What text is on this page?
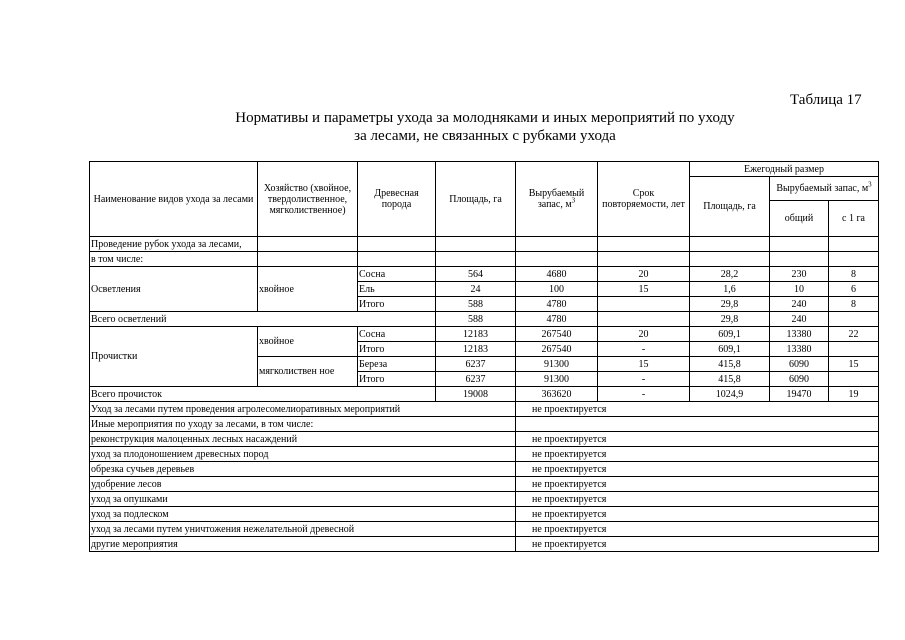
Таблица 17
Нормативы и параметры ухода за молодняками и иных мероприятий по уходу
за лесами, не связанных с рубками ухода
Наименование видов ухода за лесами	Хозяйство (хвойное, твердолиственное, мягколиственное)	Древесная порода	Площадь, га	Вырубаемый запас, $м^3$	Срок повторяемости, лет	Ежегодный размер		
						Площадь, га	Вырубаемый запас, $м^3$
							общий	с 1 га
Проведение рубок ухода за лесами,								
в том числе:								
Осветления	хвойное	Сосна	564	4680	20	28,2	230	8
		Ель	24	100	15	1,6	10	6
		Итого	588	4780		29,8	240	8
Всего осветлений			588	4780		29,8	240	
Прочистки	хвойное	Сосна	12183	267540	20	609,1	13380	22
		Итого	12183	267540	-	609,1	13380	
	мягколиствен ное	Береза	6237	91300	15	415,8	6090	15
		Итого	6237	91300	-	415,8	6090	
Всего прочисток			19008	363620	-	1024,9	19470	19
Уход за лесами путем проведения агролесомелиоративных мероприятий				не проектируется				
Иные мероприятия по уходу за лесами, в том числе:								
реконструкция малоценных лесных насаждений				не проектируется				
уход за плодоношением древесных пород				не проектируется				
обрезка сучьев деревьев				не проектируется				
удобрение лесов				не проектируется				
уход за опушками				не проектируется				
уход за подлеском				не проектируется				
уход за лесами путем уничтожения нежелательной древесной				не проектируется				
другие мероприятия				не проектируется				
